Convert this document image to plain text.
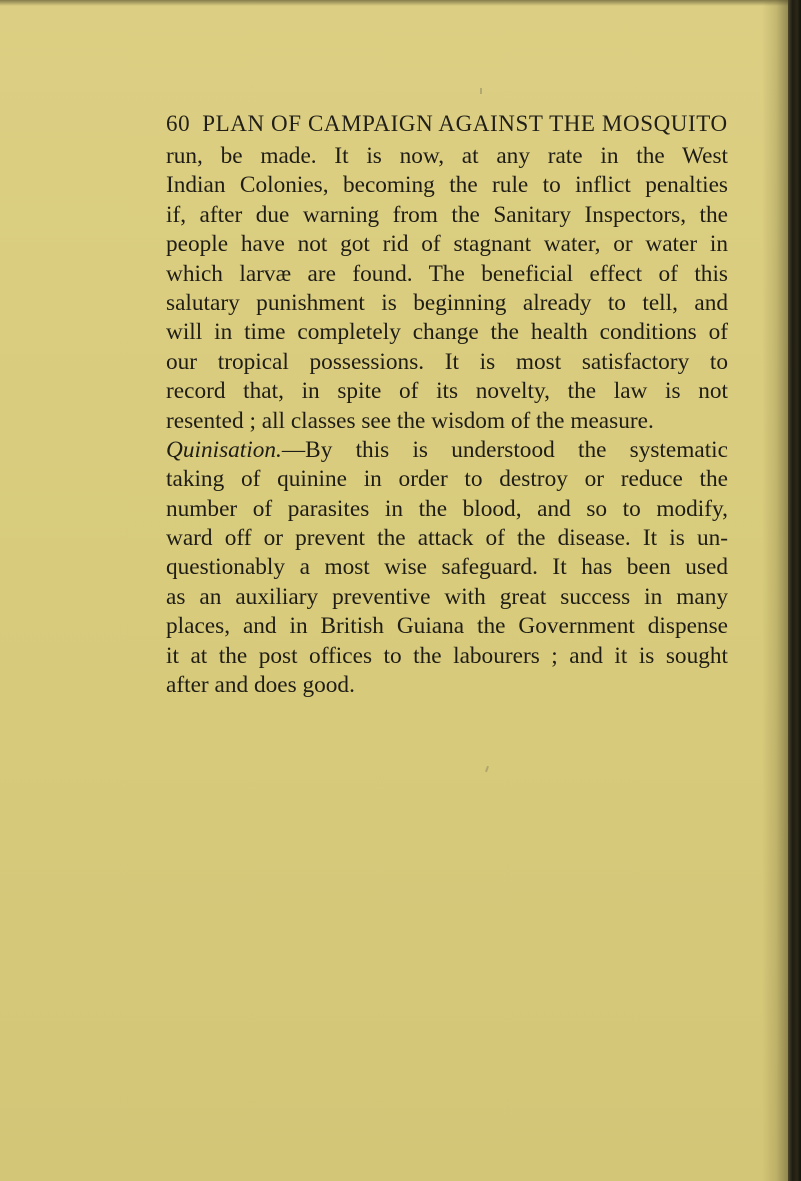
60 PLAN OF CAMPAIGN AGAINST THE MOSQUITO
run, be made. It is now, at any rate in the West
Indian Colonies, becoming the rule to inflict penalties
if, after due warning from the Sanitary Inspectors, the
people have not got rid of stagnant water, or water in
which larvæ are found. The beneficial effect of this
salutary punishment is beginning already to tell, and
will in time completely change the health conditions of
our tropical possessions. It is most satisfactory to
record that, in spite of its novelty, the law is not
resented ; all classes see the wisdom of the measure.
Quinisation.—By this is understood the systematic
taking of quinine in order to destroy or reduce the
number of parasites in the blood, and so to modify,
ward off or prevent the attack of the disease. It is un-
questionably a most wise safeguard. It has been used
as an auxiliary preventive with great success in many
places, and in British Guiana the Government dispense
it at the post offices to the labourers ; and it is sought
after and does good.
